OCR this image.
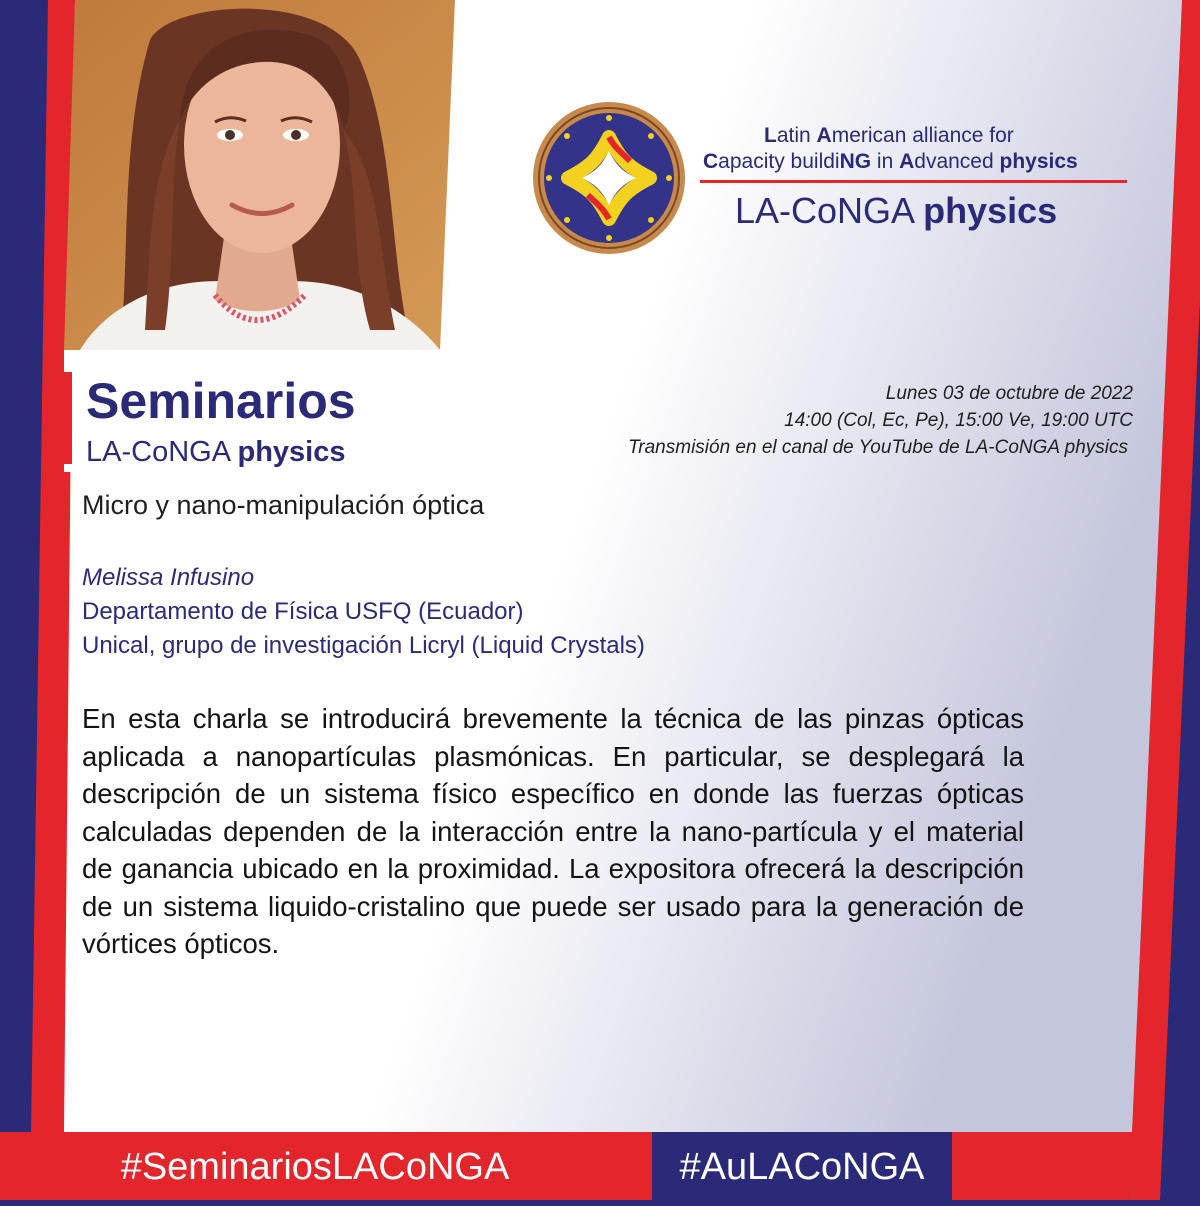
Latin American alliance for
Capacity buildiNG in Advanced physics
LA-CoNGA physics
Seminarios
LA-CoNGA physics
Lunes 03 de octubre de 2022
14:00 (Col, Ec, Pe), 15:00 Ve, 19:00 UTC
Transmisión en el canal de YouTube de LA-CoNGA physics
Micro y nano-manipulación óptica
Melissa Infusino
Departamento de Física USFQ (Ecuador)
Unical, grupo de investigación Licryl (Liquid Crystals)
En esta charla se introducirá brevemente la técnica de las pinzas ópticas aplicada a nanopartículas plasmónicas. En particular, se desplegará la descripción de un sistema físico específico en donde las fuerzas ópticas calculadas dependen de la interacción entre la nano-partícula y el material de ganancia ubicado en la proximidad. La expositora ofrecerá la descripción de un sistema liquido-cristalino que puede ser usado para la generación de vórtices ópticos.
#SeminariosLACoNGA	#AuLACoNGA
